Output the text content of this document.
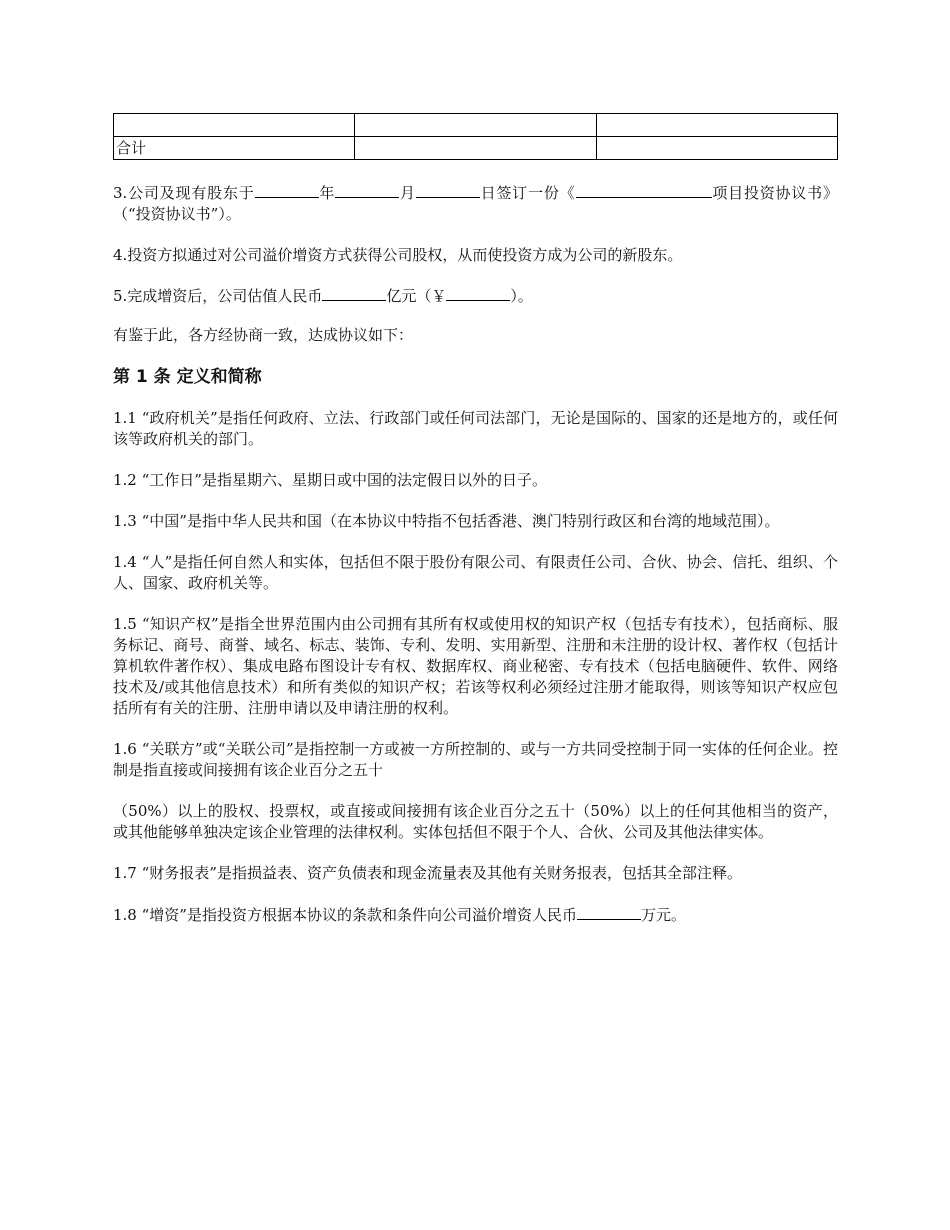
合计		

3.公司及现有股东于	年	月	日签订一份《	项目投资协议书》（“投资协议书”）。

4.投资方拟通过对公司溢价增资方式获得公司股权，从而使投资方成为公司的新股东。

5.完成增资后，公司估值人民币	亿元（￥	）。

有鉴于此，各方经协商一致，达成协议如下：

第 1 条 定义和简称

1.1 “政府机关”是指任何政府、立法、行政部门或任何司法部门，无论是国际的、国家的还是地方的，或任何该等政府机关的部门。

1.2 “工作日”是指星期六、星期日或中国的法定假日以外的日子。

1.3 “中国”是指中华人民共和国（在本协议中特指不包括香港、澳门特别行政区和台湾的地域范围）。

1.4 “人”是指任何自然人和实体，包括但不限于股份有限公司、有限责任公司、合伙、协会、信托、组织、个人、国家、政府机关等。

1.5 “知识产权”是指全世界范围内由公司拥有其所有权或使用权的知识产权（包括专有技术），包括商标、服务标记、商号、商誉、域名、标志、装饰、专利、发明、实用新型、注册和未注册的设计权、著作权（包括计算机软件著作权）、集成电路布图设计专有权、数据库权、商业秘密、专有技术（包括电脑硬件、软件、网络技术及/或其他信息技术）和所有类似的知识产权；若该等权利必须经过注册才能取得，则该等知识产权应包括所有有关的注册、注册申请以及申请注册的权利。

1.6 “关联方”或“关联公司”是指控制一方或被一方所控制的、或与一方共同受控制于同一实体的任何企业。控制是指直接或间接拥有该企业百分之五十

（50%）以上的股权、投票权，或直接或间接拥有该企业百分之五十（50%）以上的任何其他相当的资产，或其他能够单独决定该企业管理的法律权利。实体包括但不限于个人、合伙、公司及其他法律实体。

1.7 “财务报表”是指损益表、资产负债表和现金流量表及其他有关财务报表，包括其全部注释。

1.8 “增资”是指投资方根据本协议的条款和条件向公司溢价增资人民币	万元。
